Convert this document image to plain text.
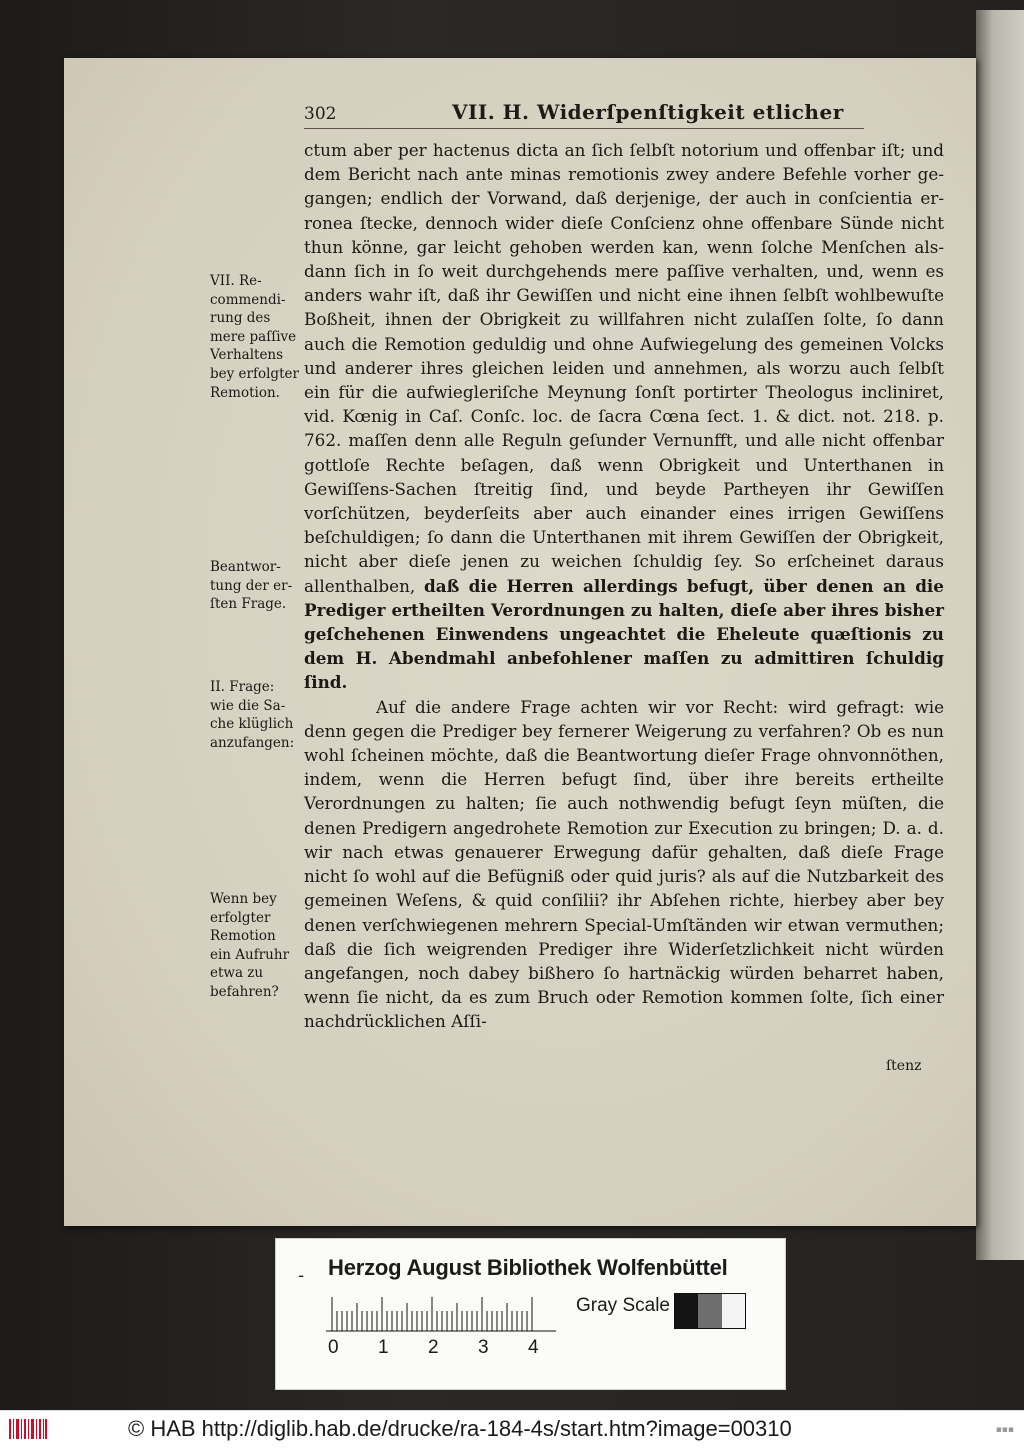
302	VII. H. Widerſpenſtigkeit etlicher
VII. Recommendirung des mere paſſive Verhaltens bey erfolgter Remotion.
Beantwortung der erſten Frage.
II. Frage: wie die Sache klüglich anzufangen:
Wenn bey erfolgter Remotion ein Aufruhr etwa zu befahren?

ctum aber per hactenus dicta an ſich ſelbſt notorium und offenbar iſt; und dem Bericht nach ante minas remotionis zwey andere Befehle vorher gegangen; endlich der Vorwand, daß derjenige, der auch in conſcientia erronea ſtecke, dennoch wider dieſe Conſcienz ohne offenbare Sünde nicht thun könne, gar leicht gehoben werden kan, wenn ſolche Menſchen alsdann ſich in ſo weit durchgehends mere paſſive verhalten, und, wenn es anders wahr iſt, daß ihr Gewiſſen und nicht eine ihnen ſelbſt wohlbewuſte Boßheit, ihnen der Obrigkeit zu willfahren nicht zulaſſen ſolte, ſo dann auch die Remotion geduldig und ohne Aufwiegelung des gemeinen Volcks und anderer ihres gleichen leiden und annehmen, als worzu auch ſelbſt ein für die aufwiegleriſche Meynung ſonſt portirter Theologus incliniret, vid. Kœnig in Caſ. Conſc. loc. de ſacra Cœna ſect. 1. & dict. not. 218. p. 762. maſſen denn alle Reguln geſunder Vernunfft, und alle nicht offenbar gottloſe Rechte beſagen, daß wenn Obrigkeit und Unterthanen in Gewiſſens-Sachen ſtreitig ſind, und beyde Partheyen ihr Gewiſſen vorſchützen, beyderſeits aber auch einander eines irrigen Gewiſſens beſchuldigen; ſo dann die Unterthanen mit ihrem Gewiſſen der Obrigkeit, nicht aber dieſe jenen zu weichen ſchuldig ſey. So erſcheinet daraus allenthalben, daß die Herren allerdings befugt, über denen an die Prediger ertheilten Verordnungen zu halten, dieſe aber ihres bisher geſchehenen Einwendens ungeachtet die Eheleute quæſtionis zu dem H. Abendmahl anbefohlener maſſen zu admittiren ſchuldig ſind.

Auf die andere Frage achten wir vor Recht: wird gefragt: wie denn gegen die Prediger bey fernerer Weigerung zu verfahren? Ob es nun wohl ſcheinen möchte, daß die Beantwortung dieſer Frage ohnvonnöthen, indem, wenn die Herren befugt ſind, über ihre bereits ertheilte Verordnungen zu halten; ſie auch nothwendig befugt ſeyn müſten, die denen Predigern angedrohete Remotion zur Execution zu bringen; D. a. d. wir nach etwas genauerer Erwegung dafür gehalten, daß dieſe Frage nicht ſo wohl auf die Befügniß oder quid juris? als auf die Nutzbarkeit des gemeinen Weſens, & quid conſilii? ihr Abſehen richte, hierbey aber bey denen verſchwiegenen mehrern Special-Umſtänden wir etwan vermuthen; daß die ſich weigrenden Prediger ihre Widerſetzlichkeit nicht würden angefangen, noch dabey bißhero ſo hartnäckig würden beharret haben, wenn ſie nicht, da es zum Bruch oder Remotion kommen ſolte, ſich einer nachdrücklichen Aſſi-

ſtenz
- Herzog August Bibliothek Wolfenbüttel
0 1 2 3 4
Gray Scale
© HAB http://diglib.hab.de/drucke/ra-184-4s/start.htm?image=00310	▪▪▪
